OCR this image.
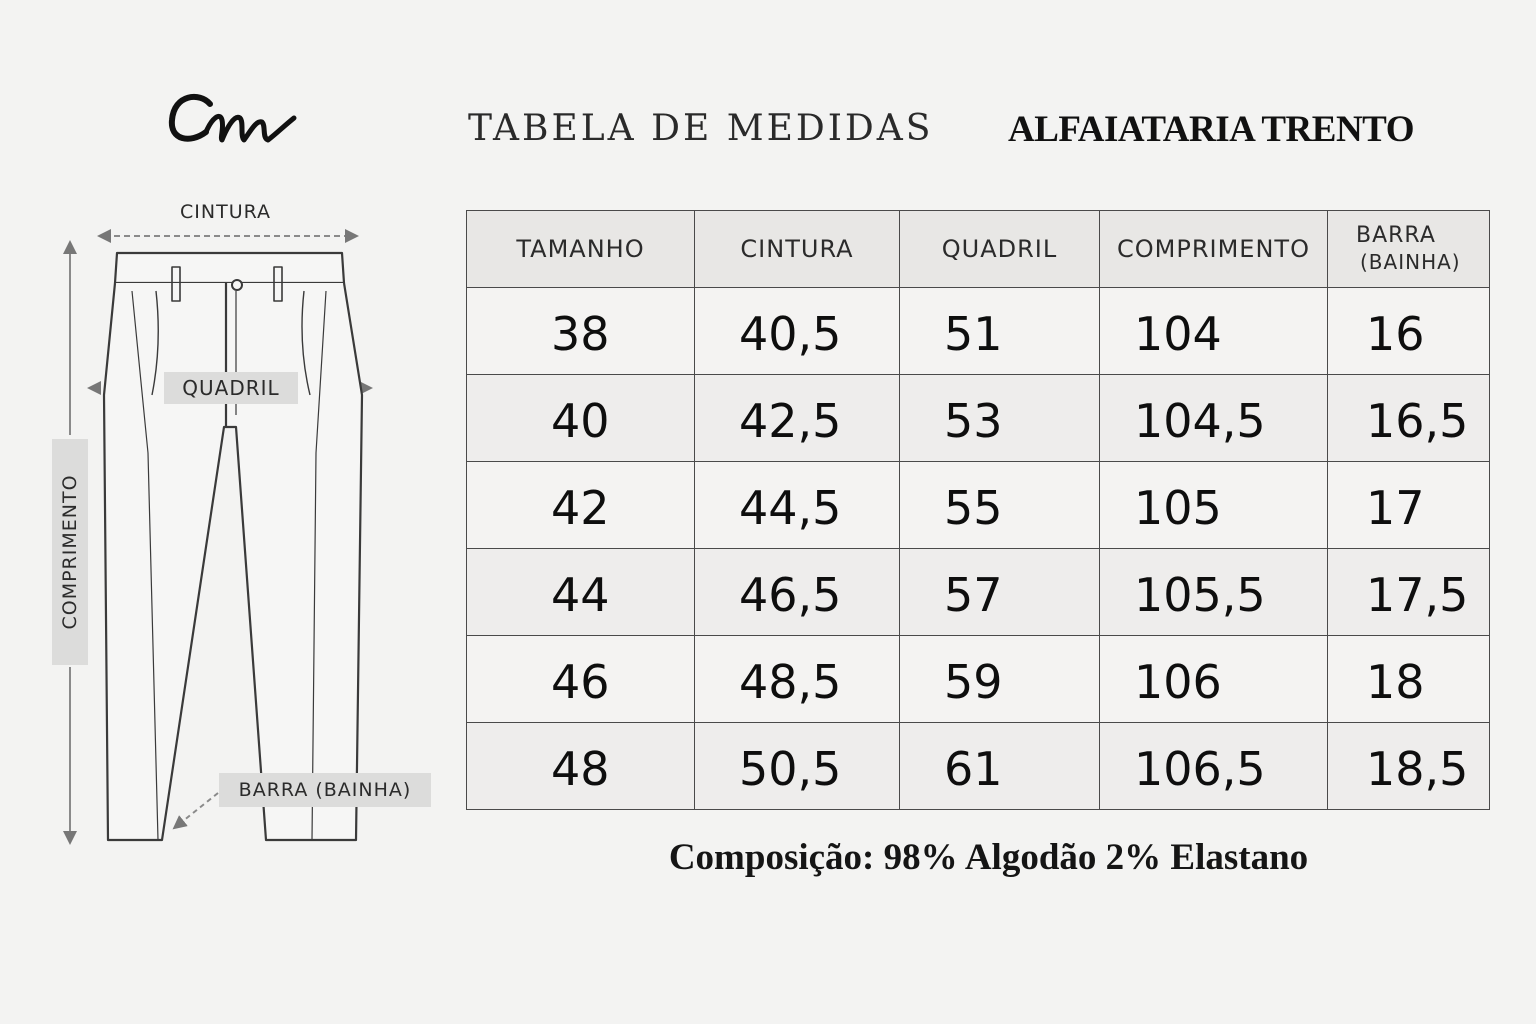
TABELA DE MEDIDAS ALFAIATARIA TRENTO
CINTURA
QUADRIL
COMPRIMENTO
BARRA (BAINHA)
TAMANHO	CINTURA	QUADRIL	COMPRIMENTO	BARRA
(BAINHA)

38	40,5	51	104	16
40	42,5	53	104,5	16,5
42	44,5	55	105	17
44	46,5	57	105,5	17,5
46	48,5	59	106	18
48	50,5	61	106,5	18,5
Composição: 98% Algodão 2% Elastano
